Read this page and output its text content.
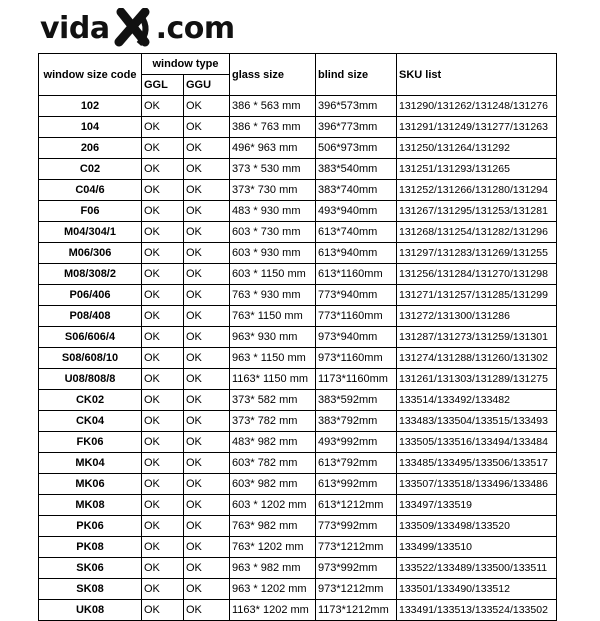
vida .com
window size code	window type		glass size	blind size	SKU list
	GGL	GGU			
102	OK	OK	386 * 563 mm	396*573mm	131290/131262/131248/131276
104	OK	OK	386 * 763 mm	396*773mm	131291/131249/131277/131263
206	OK	OK	496* 963 mm	506*973mm	131250/131264/131292
C02	OK	OK	373 * 530 mm	383*540mm	131251/131293/131265
C04/6	OK	OK	373* 730 mm	383*740mm	131252/131266/131280/131294
F06	OK	OK	483 * 930 mm	493*940mm	131267/131295/131253/131281
M04/304/1	OK	OK	603 * 730 mm	613*740mm	131268/131254/131282/131296
M06/306	OK	OK	603 * 930 mm	613*940mm	131297/131283/131269/131255
M08/308/2	OK	OK	603 * 1150 mm	613*1160mm	131256/131284/131270/131298
P06/406	OK	OK	763 * 930 mm	773*940mm	131271/131257/131285/131299
P08/408	OK	OK	763* 1150 mm	773*1160mm	131272/131300/131286
S06/606/4	OK	OK	963* 930 mm	973*940mm	131287/131273/131259/131301
S08/608/10	OK	OK	963 * 1150 mm	973*1160mm	131274/131288/131260/131302
U08/808/8	OK	OK	1163* 1150 mm	1173*1160mm	131261/131303/131289/131275
CK02	OK	OK	373* 582 mm	383*592mm	133514/133492/133482
CK04	OK	OK	373* 782 mm	383*792mm	133483/133504/133515/133493
FK06	OK	OK	483* 982 mm	493*992mm	133505/133516/133494/133484
MK04	OK	OK	603* 782 mm	613*792mm	133485/133495/133506/133517
MK06	OK	OK	603* 982 mm	613*992mm	133507/133518/133496/133486
MK08	OK	OK	603 * 1202 mm	613*1212mm	133497/133519
PK06	OK	OK	763* 982 mm	773*992mm	133509/133498/133520
PK08	OK	OK	763* 1202 mm	773*1212mm	133499/133510
SK06	OK	OK	963 * 982 mm	973*992mm	133522/133489/133500/133511
SK08	OK	OK	963 * 1202 mm	973*1212mm	133501/133490/133512
UK08	OK	OK	1163* 1202 mm	1173*1212mm	133491/133513/133524/133502
